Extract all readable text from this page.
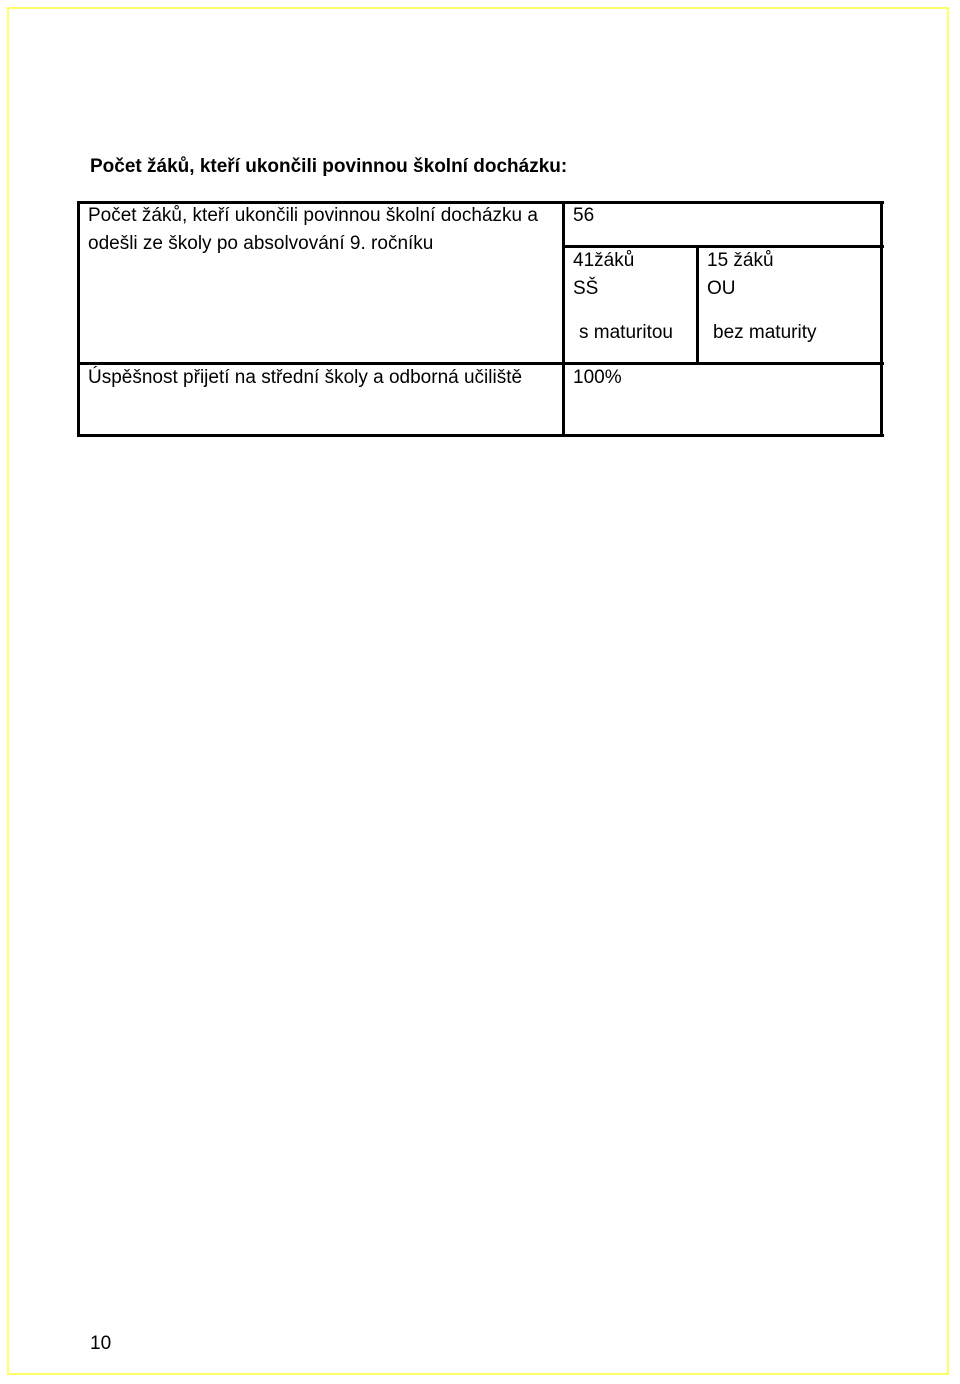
Počet žáků, kteří ukončili povinnou školní docházku:
Počet žáků, kteří ukončili povinnou školní docházku a odešli ze školy po absolvování 9. ročníku
56
41žáků
SŠ
15 žáků
OU
s maturitou bez maturity
Úspěšnost přijetí na střední školy a odborná učiliště	100%
10
